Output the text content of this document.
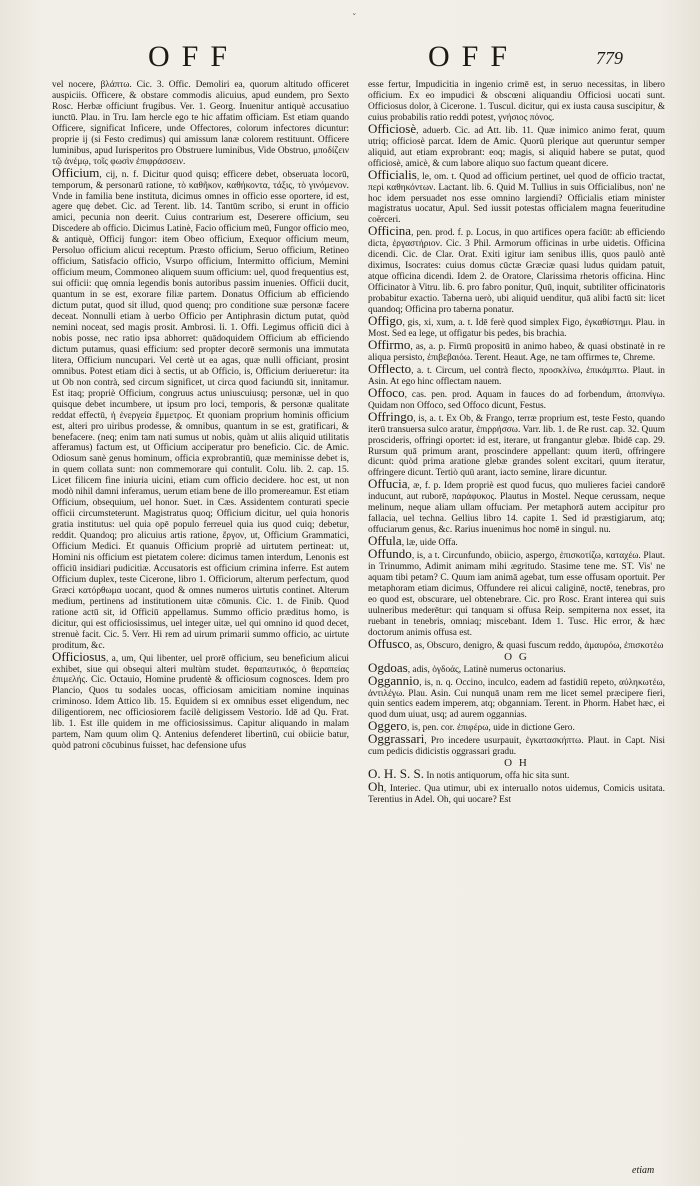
ˇ
OFF	OFF	779

vel nocere, βλάπτω. Cic. 3. Offic. Demoliri ea, quorum altitudo officeret auspiciis. Officere, & obstare commodis alicuius, apud eundem, pro Sexto Rosc. Herbæ officiunt frugibus. Ver. 1. Georg. Inuenitur antiquè accusatiuo iunctū. Plau. in Tru. Iam hercle ego te hic affatim officiam. Est etiam quando Officere, significat Inficere, unde Offectores, colorum infectores dicuntur: proprie ij (si Festo credimus) qui amissum lanæ colorem restituunt. Officere luminibus, apud Iurisperitos pro Obstruere luminibus, Vide Obstruo, μποδίζειν τῷ ἀνέμῳ, τοῖς φωσὶν ἐπιφράσσειν.

Officium, cij, n. f. Dicitur quod quisq; efficere debet, obseruata locorū, temporum, & personarū ratione, τὸ καθῆκον, καθήκοντα, τάξις, τὸ γινόμενον. Vnde in familia bene instituta, dicimus omnes in officio esse oportere, id est, agere quę debet. Cic. ad Terent. lib. 14. Tantūm scribo, si erunt in officio amici, pecunia non deerit. Cuius contrarium est, Deserere officium, seu Discedere ab officio. Dicimus Latinè, Facio officium meū, Fungor officio meo, & antiquè, Officij fungor: item Obeo officium, Exequor officium meum, Persoluo officium alicui receptum. Præsto officium, Seruo officium, Retineo officium, Satisfacio officio, Vsurpo officium, Intermitto officium, Memini officium meum, Commoneo aliquem suum officium: uel, quod frequentius est, sui officii: quę omnia legendis bonis autoribus passim inuenies. Officii ducit, quantum in se est, exorare filiæ partem. Donatus Officium ab efficiendo dictum putat, quod sit illud, quod quenq; pro conditione suæ personæ facere deceat. Nonnulli etiam à uerbo Officio per Antiphrasin dictum putat, quòd nemini noceat, sed magis prosit. Ambrosi. li. 1. Offi. Legimus officiū dici à nobis posse, nec ratio ipsa abhorret: quādoquidem Officium ab efficiendo dictum putamus, quasi efficium: sed propter decorē sermonis una immutata litera, Officium nuncupari. Vel certè ut ea agas, quæ nulli officiant, prosint omnibus. Potest etiam dici à sectis, ut ab Officio, is, Officium deriueretur: ita ut Ob non contrà, sed circum significet, ut circa quod faciundū sit, innitamur. Est itaq; propriè Officium, congruus actus uniuscuiusq; personæ, uel in quo quisque debet incumbere, ut ipsum pro loci, temporis, & personæ qualitate reddat effectū, ἡ ἐνεργεία ἔμμετρος. Et quoniam proprium hominis officium est, alteri pro uiribus prodesse, & omnibus, quantum in se est, gratificari, & benefacere. (neq; enim tam nati sumus ut nobis, quàm ut aliis aliquid utilitatis afferamus) factum est, ut Officium acciperatur pro beneficio. Cic. de Amic. Odiosum sanè genus hominum, officia exprobrantiū, quæ meminisse debet is, in quem collata sunt: non commemorare qui contulit. Colu. lib. 2. cap. 15. Licet filicem fine iniuria uicini, etiam cum officio decidere. hoc est, ut non modò nihil damni inferamus, uerum etiam bene de illo promereamur. Est etiam Officium, obsequium, uel honor. Suet. in Cæs. Assidentem conturati specie officii circumsteterunt. Magistratus quoq; Officium dicitur, uel quia honoris gratia institutus: uel quia opē populo ferreuel quia ius quod cuiq; debetur, reddit. Quandoq; pro alicuius artis ratione, ἔργον, ut, Officium Grammatici, Officium Medici. Et quanuis Officium propriè ad uirtutem pertineat: ut, Homini nis officium est pietatem colere: dicimus tamen interdum, Lenonis est officiū insidiari pudicitiæ. Accusatoris est officium crimina inferre. Est autem Officium duplex, teste Cicerone, libro 1. Officiorum, alterum perfectum, quod Græci κατόρθωμα uocant, quod & omnes numeros uirtutis continet. Alterum medium, pertinens ad institutionem uitæ cōmunis. Cic. 1. de Finib. Quod ratione actū sit, id Officiū appellamus. Summo officio præditus homo, is dicitur, qui est officiosissimus, uel integer uitæ, uel qui omnino id quod decet, strenuè facit. Cic. 5. Verr. Hi rem ad uirum primarii summo officio, ac uirtute proditum, &c.

Officiosus, a, um, Qui libenter, uel prorē officium, seu beneficium alicui exhibet, siue qui obsequi alteri multùm studet. θεραπευτικός, ὁ θεραπείας ἐπιμελής. Cic. Octauio, Homine prudentè & officiosum cognosces. Idem pro Plancio, Quos tu sodales uocas, officiosam amicitiam nomine inquinas criminoso. Idem Attico lib. 15. Equidem si ex omnibus esset eligendum, nec diligentiorem, nec officiosiorem facilè deligissem Vestorio. Idē ad Qu. Frat. lib. 1. Est ille quidem in me officiosissimus. Capitur aliquando in malam partem, Nam quum olim Q. Antenius defenderet libertinū, cui obiicie batur, quòd patroni cōcubinus fuisset, hac defensione ufus

esse fertur, Impudicitia in ingenio crimē est, in seruo necessitas, in libero officium. Ex eo impudici & obscœni aliquandiu Officiosi uocati sunt. Officiosus dolor, à Cicerone. 1. Tuscul. dicitur, qui ex iusta causa suscipitur, & cuius probabilis ratio reddi potest, γνήσιος πόνος.

Officiosè, aduerb. Cic. ad Att. lib. 11. Quæ inimico animo ferat, quum utriq; officiosè parcat. Idem de Amic. Quorū plerique aut queruntur semper aliquid, aut etiam exprobrant: eoq; magis, si aliquid habere se putat, quod officiosè, amicè, & cum labore aliquo suo factum queant dicere.

Officialis, le, om. t. Quod ad officium pertinet, uel quod de officio tractat, περὶ καθηκόντων. Lactant. lib. 6. Quid M. Tullius in suis Officialibus, non' ne hoc idem persuadet nos esse omnino largiendi? Officialis etiam minister magistratus uocatur, Apul. Sed iussit potestas officialem magna feueritudine coërceri.

Officina, pen. prod. f. p. Locus, in quo artifices opera faciūt: ab efficiendo dicta, ἐργαστήριον. Cic. 3 Phil. Armorum officinas in urbe uidetis. Officina dicendi. Cic. de Clar. Orat. Exiti igitur iam senibus illis, quos paulò antè diximus, Isocrates: cuius domus cūctæ Græciæ quasi ludus quidam patuit, atque officina dicendi. Idem 2. de Oratore, Clarissima rhetoris officina. Hinc Officinator à Vitru. lib. 6. pro fabro ponitur, Quū, inquit, subtiliter officinatoris probabitur exactio. Taberna uerò, ubi aliquid uenditur, quā alibi factū sit: licet quandoq; Officina pro taberna ponatur.

Offigo, gis, xi, xum, a. t. Idē ferè quod simplex Figo, ἐγκαθίστημι. Plau. in Most. Sed ea lege, ut offigatur bis pedes, bis brachia.

Offirmo, as, a. p. Firmū propositū in animo habeo, & quasi obstinatè in re aliqua persisto, ἐπιβεβαιόω. Terent. Heaut. Age, ne tam offirmes te, Chreme.

Offlecto, a. t. Circum, uel contrà flecto, προσκλίνω, ἐπικάμπτω. Plaut. in Asin. At ego hinc offlectam nauem.

Offoco, cas. pen. prod. Aquam in fauces do ad forbendum, ἀποπνίγω. Quidam non Offoco, sed Offoco dicunt, Festus.

Offringo, is, a. t. Ex Ob, & Frango, terræ proprium est, teste Festo, quando iterū transuersa sulco aratur, ἐπιρρήσσω. Varr. lib. 1. de Re rust. cap. 32. Quum proscideris, offringi oportet: id est, iterare, ut frangantur glebæ. Ibidē cap. 29. Rursum quā primum arant, proscindere appellant: quum iterū, offringere dicunt: quòd prima aratione glebæ grandes solent excitari, quum iteratur, offringere dicunt. Tertiò quū arant, iacto semine, lirare dicuntur.

Offucia, æ, f. p. Idem propriè est quod fucus, quo mulieres faciei candorē inducunt, aut ruborē, παράφυκος. Plautus in Mostel. Neque cerussam, neque melinum, neque aliam ullam offuciam. Per metaphorā autem accipitur pro fallacia, uel techna. Gellius libro 14. capite 1. Sed id præstigiarum, atq; offuciarum genus, &c. Rarius inuenimus hoc nomē in singul. nu.

Offula, læ, uide Offa.

Offundo, is, a t. Circunfundo, obiicio, aspergo, ἐπισκοτίζω, καταχέω. Plaut. in Trinummo, Adimit animam mihi ægritudo. Stasime tene me. ST. Vis' ne aquam tibi petam? C. Quum iam animā agebat, tum esse offusam oportuit. Per metaphoram etiam dicimus, Offundere rei alicui caliginē, noctē, tenebras, pro eo quod est, obscurare, uel obtenebrare. Cic. pro Rosc. Erant interea qui suis uulneribus mederētur: qui tanquam si offusa Reip. sempiterna nox esset, ita ruebant in tenebris, omniaq; miscebant. Idem 1. Tusc. Hic error, & hæc doctorum animis offusa est.

Offusco, as, Obscuro, denigro, & quasi fuscum reddo, ἀμαυρόω, ἐπισκοτέω

O G

Ogdoas, adis, ὀγδοάς, Latinè numerus octonarius.

Oggannio, is, n. q. Occino, inculco, eadem ad fastidiū repeto, αὐληκωτέω, ἀντιλέγω. Plau. Asin. Cui nunquā unam rem me licet semel præcipere fieri, quin sentics eadem imperem, atq; obganniam. Terent. in Phorm. Habet hæc, ei quod dum uiuat, usq; ad aurem oggannias.

Oggero, is, pen. cor. ἐπιφέρω, uide in dictione Gero.

Oggrassari, Pro incedere usurpauit, ἐγκατασκήπτω. Plaut. in Capt. Nisi cum pedicis didicistis oggrassari gradu.

O H

O. H. S. S. In notis antiquorum, offa hic sita sunt.

Oh, Interiec. Qua utimur, ubi ex interuallo notos uidemus, Comicis usitata. Terentius in Adel. Oh, qui uocare? Est

etiam
